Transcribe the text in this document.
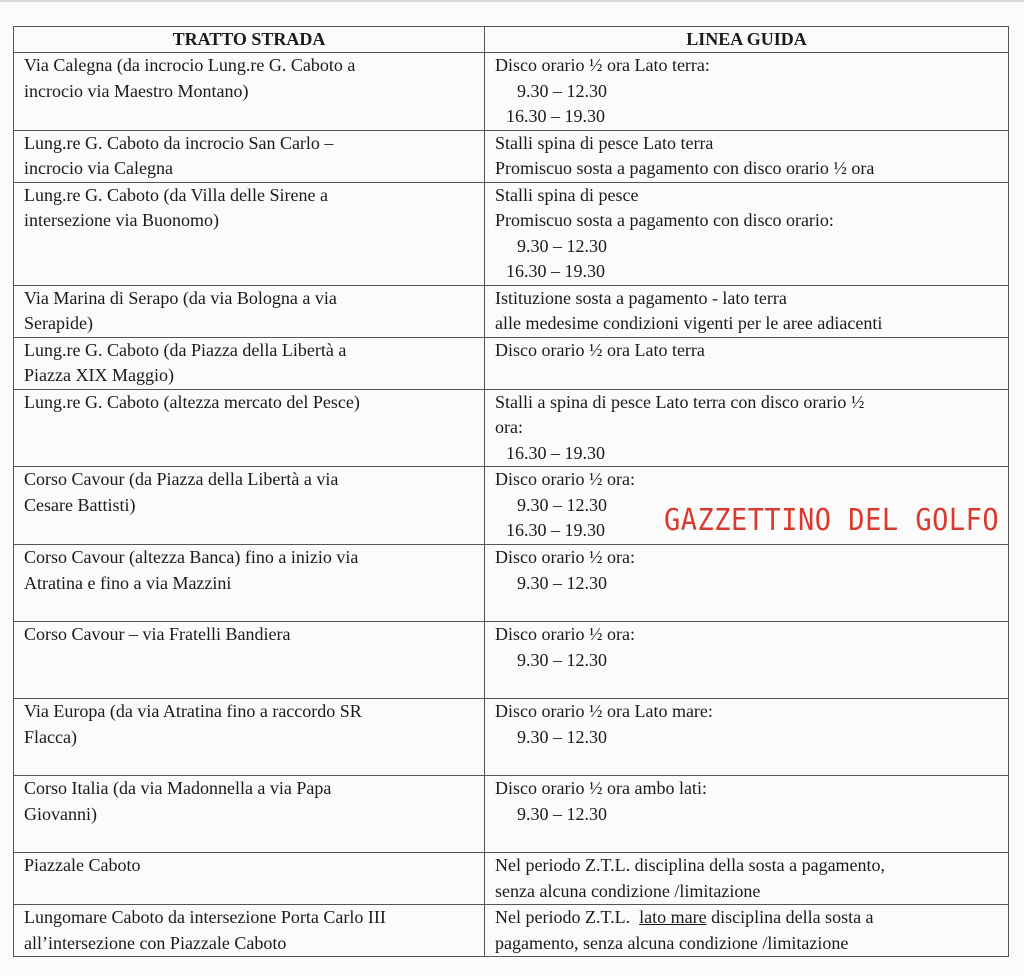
TRATTO STRADA	LINEA GUIDA

Via Calegna (da incrocio Lung.re G. Caboto a
incrocio via Maestro Montano)	Disco orario ½ ora Lato terra:
9.30 – 12.30
16.30 – 19.30

Lung.re G. Caboto da incrocio San Carlo –
incrocio via Calegna	Stalli spina di pesce Lato terra
Promiscuo sosta a pagamento con disco orario ½ ora

Lung.re G. Caboto (da Villa delle Sirene a
intersezione via Buonomo)	Stalli spina di pesce
Promiscuo sosta a pagamento con disco orario:
9.30 – 12.30
16.30 – 19.30

Via Marina di Serapo (da via Bologna a via
Serapide)	Istituzione sosta a pagamento - lato terra
alle medesime condizioni vigenti per le aree adiacenti

Lung.re G. Caboto (da Piazza della Libertà a
Piazza XIX Maggio)	Disco orario ½ ora Lato terra

Lung.re G. Caboto (altezza mercato del Pesce)	Stalli a spina di pesce Lato terra con disco orario ½
ora:
16.30 – 19.30

Corso Cavour (da Piazza della Libertà a via
Cesare Battisti)	Disco orario ½ ora:
9.30 – 12.30
16.30 – 19.30

Corso Cavour (altezza Banca) fino a inizio via
Atratina e fino a via Mazzini	Disco orario ½ ora:
9.30 – 12.30

Corso Cavour – via Fratelli Bandiera	Disco orario ½ ora:
9.30 – 12.30

Via Europa (da via Atratina fino a raccordo SR
Flacca)	Disco orario ½ ora Lato mare:
9.30 – 12.30

Corso Italia (da via Madonnella a via Papa
Giovanni)	Disco orario ½ ora ambo lati:
9.30 – 12.30

Piazzale Caboto	Nel periodo Z.T.L. disciplina della sosta a pagamento,
senza alcuna condizione /limitazione

Lungomare Caboto da intersezione Porta Carlo III
all’intersezione con Piazzale Caboto	Nel periodo Z.T.L.  lato mare disciplina della sosta a
pagamento, senza alcuna condizione /limitazione
GAZZETTINO DEL GOLFO
